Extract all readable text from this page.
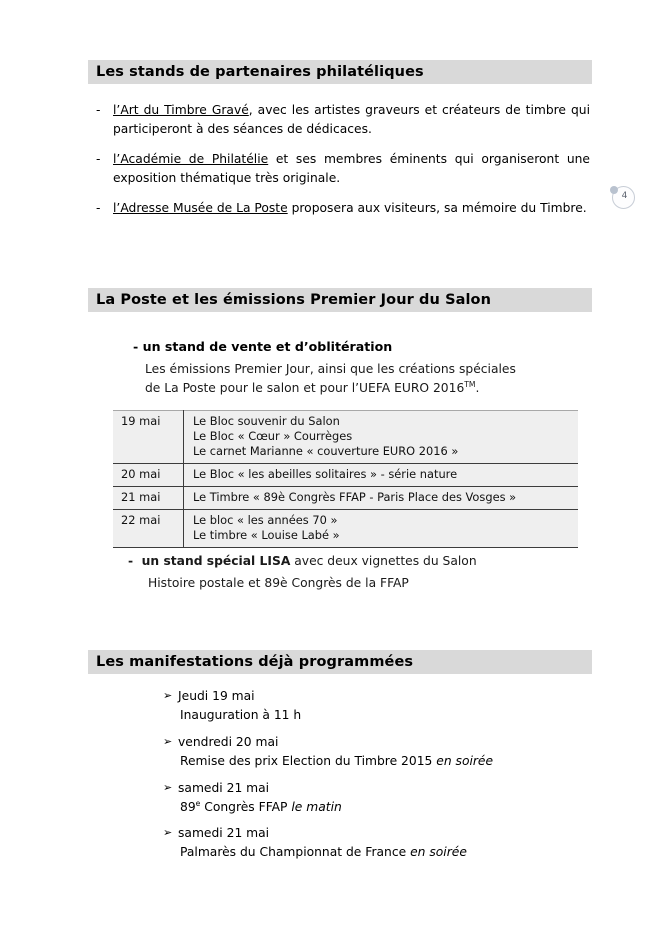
Les stands de partenaires philatéliques
- l’Art du Timbre Gravé, avec les artistes graveurs et créateurs de timbre qui participeront à des séances de dédicaces.
- l’Académie de Philatélie et ses membres éminents qui organiseront une exposition thématique très originale.
- l’Adresse Musée de La Poste proposera aux visiteurs, sa mémoire du Timbre.
4
La Poste et les émissions Premier Jour du Salon
- un stand de vente et d’oblitération
Les émissions Premier Jour, ainsi que les créations spéciales
de La Poste pour le salon et pour l’UEFA EURO 2016™.
19 mai	Le Bloc souvenir du Salon
Le Bloc « Cœur » Courrèges
Le carnet Marianne « couverture EURO 2016 »

20 mai	Le Bloc « les abeilles solitaires » - série nature

21 mai	Le Timbre « 89è Congrès FFAP - Paris Place des Vosges »

22 mai	Le bloc « les années 70 »
Le timbre « Louise Labé »
- un stand spécial LISA avec deux vignettes du Salon
Histoire postale et 89è Congrès de la FFAP
Les manifestations déjà programmées
➢ Jeudi 19 mai
Inauguration à 11 h
➢ vendredi 20 mai
Remise des prix Election du Timbre 2015 en soirée
➢ samedi 21 mai
89e Congrès FFAP le matin
➢ samedi 21 mai
Palmarès du Championnat de France en soirée
